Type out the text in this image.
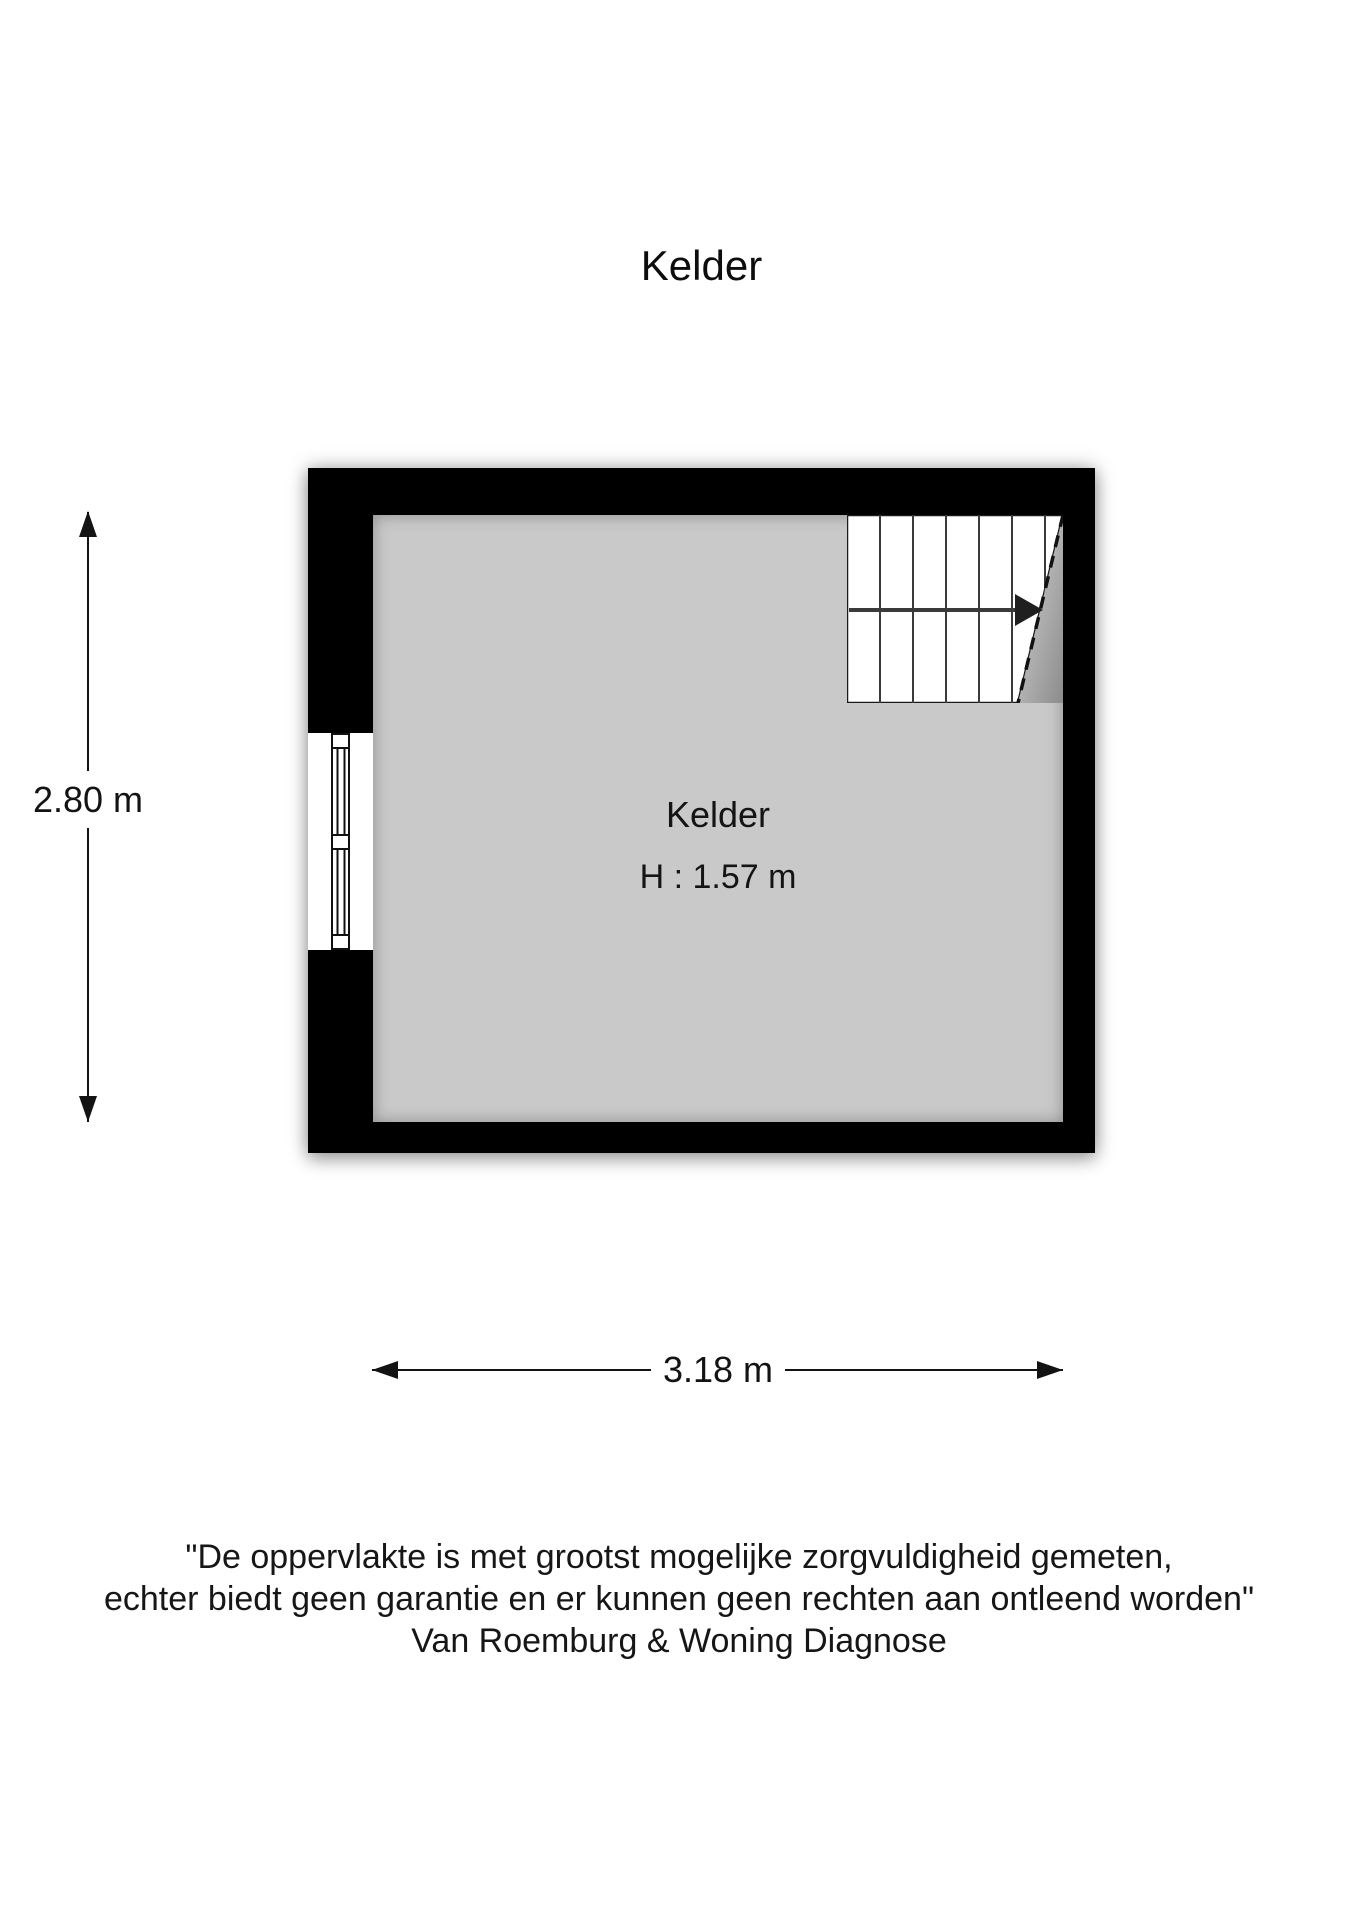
Kelder
Kelder
H : 1.57 m
2.80 m
3.18 m
"De oppervlakte is met grootst mogelijke zorgvuldigheid gemeten,
echter biedt geen garantie en er kunnen geen rechten aan ontleend worden"
Van Roemburg & Woning Diagnose
